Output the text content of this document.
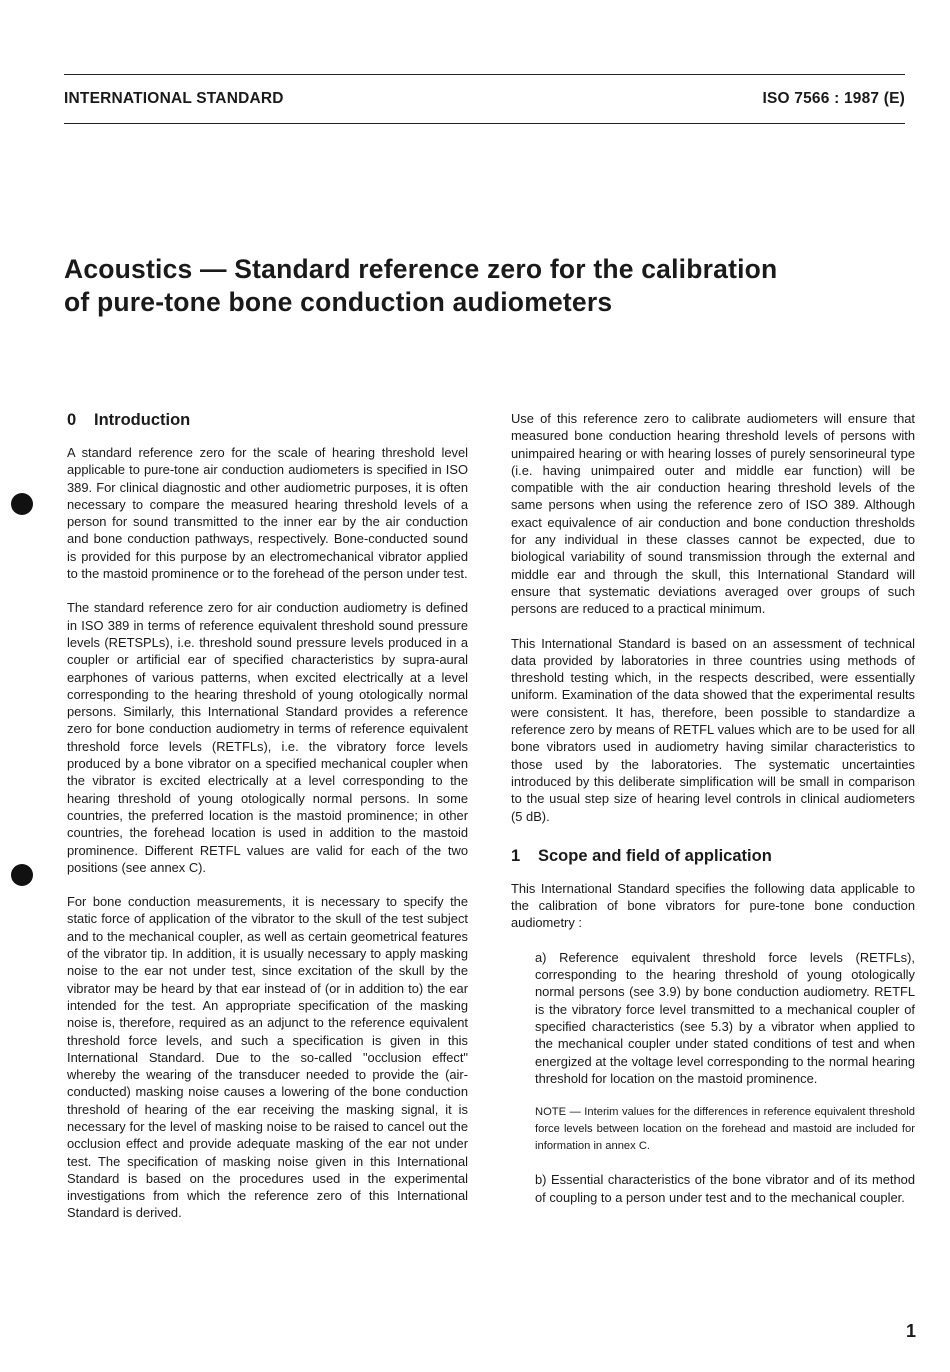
INTERNATIONAL STANDARD	ISO 7566 : 1987 (E)
Acoustics — Standard reference zero for the calibration
of pure-tone bone conduction audiometers
0 Introduction

A standard reference zero for the scale of hearing threshold level applicable to pure-tone air conduction audiometers is specified in ISO 389. For clinical diagnostic and other audiometric purposes, it is often necessary to compare the measured hearing threshold levels of a person for sound transmitted to the inner ear by the air conduction and bone conduction pathways, respectively. Bone-conducted sound is provided for this purpose by an electromechanical vibrator applied to the mastoid prominence or to the forehead of the person under test.

The standard reference zero for air conduction audiometry is defined in ISO 389 in terms of reference equivalent threshold sound pressure levels (RETSPLs), i.e. threshold sound pressure levels produced in a coupler or artificial ear of specified characteristics by supra-aural earphones of various patterns, when excited electrically at a level corresponding to the hearing threshold of young otologically normal persons. Similarly, this International Standard provides a reference zero for bone conduction audiometry in terms of reference equivalent threshold force levels (RETFLs), i.e. the vibratory force levels produced by a bone vibrator on a specified mechanical coupler when the vibrator is excited electrically at a level corresponding to the hearing threshold of young otologically normal persons. In some countries, the preferred location is the mastoid prominence; in other countries, the forehead location is used in addition to the mastoid prominence. Different RETFL values are valid for each of the two positions (see annex C).

For bone conduction measurements, it is necessary to specify the static force of application of the vibrator to the skull of the test subject and to the mechanical coupler, as well as certain geometrical features of the vibrator tip. In addition, it is usually necessary to apply masking noise to the ear not under test, since excitation of the skull by the vibrator may be heard by that ear instead of (or in addition to) the ear intended for the test. An appropriate specification of the masking noise is, therefore, required as an adjunct to the reference equivalent threshold force levels, and such a specification is given in this International Standard. Due to the so-called "occlusion effect" whereby the wearing of the transducer needed to provide the (air-conducted) masking noise causes a lowering of the bone conduction threshold of hearing of the ear receiving the masking signal, it is necessary for the level of masking noise to be raised to cancel out the occlusion effect and provide adequate masking of the ear not under test. The specification of masking noise given in this International Standard is based on the procedures used in the experimental investigations from which the reference zero of this International Standard is derived.

Use of this reference zero to calibrate audiometers will ensure that measured bone conduction hearing threshold levels of persons with unimpaired hearing or with hearing losses of purely sensorineural type (i.e. having unimpaired outer and middle ear function) will be compatible with the air conduction hearing threshold levels of the same persons when using the reference zero of ISO 389. Although exact equivalence of air conduction and bone conduction thresholds for any individual in these classes cannot be expected, due to biological variability of sound transmission through the external and middle ear and through the skull, this International Standard will ensure that systematic deviations averaged over groups of such persons are reduced to a practical minimum.

This International Standard is based on an assessment of technical data provided by laboratories in three countries using methods of threshold testing which, in the respects described, were essentially uniform. Examination of the data showed that the experimental results were consistent. It has, therefore, been possible to standardize a reference zero by means of RETFL values which are to be used for all bone vibrators used in audiometry having similar characteristics to those used by the laboratories. The systematic uncertainties introduced by this deliberate simplification will be small in comparison to the usual step size of hearing level controls in clinical audiometers (5 dB).

1 Scope and field of application

This International Standard specifies the following data applicable to the calibration of bone vibrators for pure-tone bone conduction audiometry :

a) Reference equivalent threshold force levels (RETFLs), corresponding to the hearing threshold of young otologically normal persons (see 3.9) by bone conduction audiometry. RETFL is the vibratory force level transmitted to a mechanical coupler of specified characteristics (see 5.3) by a vibrator when applied to the mechanical coupler under stated conditions of test and when energized at the voltage level corresponding to the normal hearing threshold for location on the mastoid prominence.

NOTE — Interim values for the differences in reference equivalent threshold force levels between location on the forehead and mastoid are included for information in annex C.

b) Essential characteristics of the bone vibrator and of its method of coupling to a person under test and to the mechanical coupler.

1
